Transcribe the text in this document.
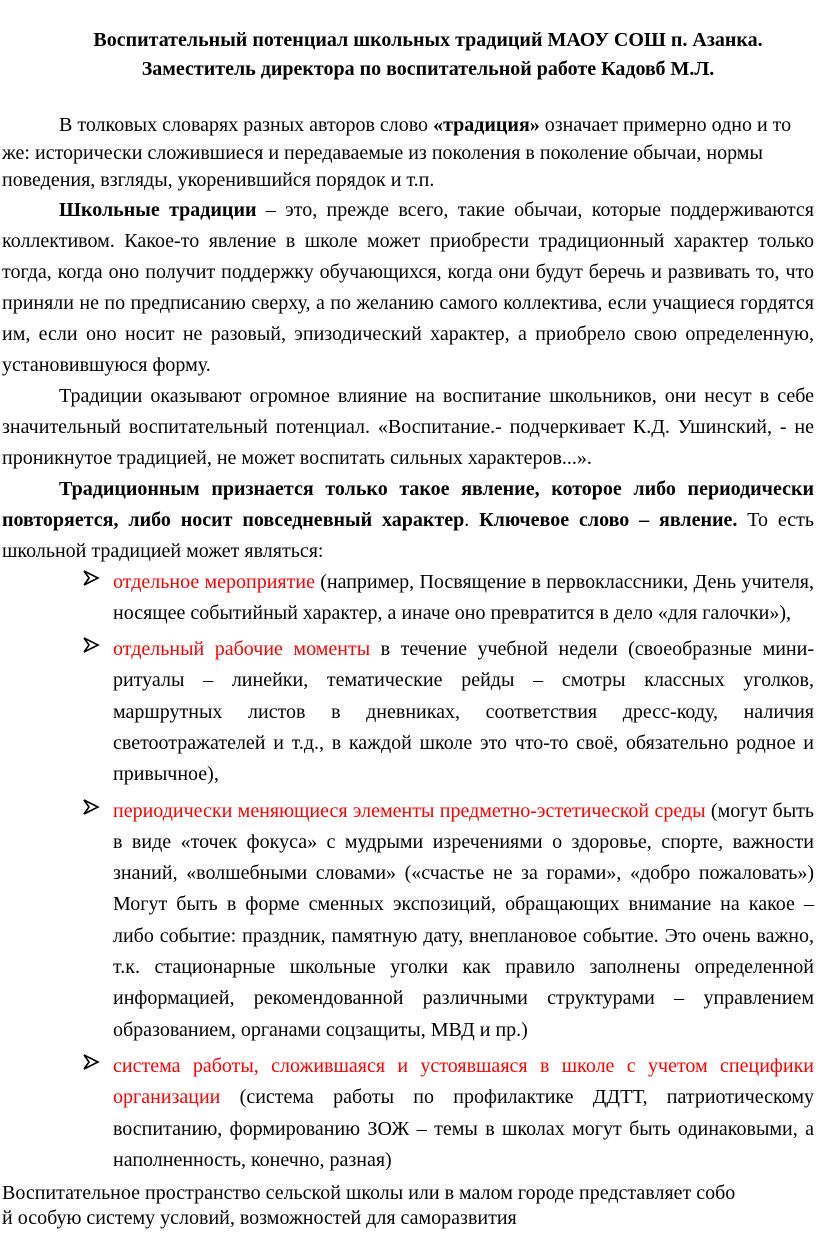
Воспитательный потенциал школьных традиций МАОУ СОШ п. Азанка.
Заместитель директора по воспитательной работе Кадовб М.Л.

В толковых словарях разных авторов слово «традиция» означает примерно одно и то же: исторически сложившиеся и передаваемые из поколения в поколение обычаи, нормы поведения, взгляды, укоренившийся порядок и т.п.

Школьные традиции – это, прежде всего, такие обычаи, которые поддерживаются коллективом. Какое-то явление в школе может приобрести традиционный характер только тогда, когда оно получит поддержку обучающихся, когда они будут беречь и развивать то, что приняли не по предписанию сверху, а по желанию самого коллектива, если учащиеся гордятся им, если оно носит не разовый, эпизодический характер, а приобрело свою определенную, установившуюся форму.

Традиции оказывают огромное влияние на воспитание школьников, они несут в себе значительный воспитательный потенциал. «Воспитание.- подчеркивает К.Д. Ушинский, - не проникнутое традицией, не может воспитать сильных характеров...».

Традиционным признается только такое явление, которое либо периодически повторяется, либо носит повседневный характер. Ключевое слово – явление. То есть школьной традицией может являться:

отдельное мероприятие (например, Посвящение в первоклассники, День учителя, носящее событийный характер, а иначе оно превратится в дело «для галочки»),
отдельный рабочие моменты в течение учебной недели (своеобразные мини-ритуалы – линейки, тематические рейды – смотры классных уголков, маршрутных листов в дневниках, соответствия дресс-коду, наличия светоотражателей и т.д., в каждой школе это что-то своё, обязательно родное и привычное),
периодически меняющиеся элементы предметно-эстетической среды (могут быть в виде «точек фокуса» с мудрыми изречениями о здоровье, спорте, важности знаний, «волшебными словами» («счастье не за горами», «добро пожаловать») Могут быть в форме сменных экспозиций, обращающих внимание на какое – либо событие: праздник, памятную дату, внеплановое событие. Это очень важно, т.к. стационарные школьные уголки как правило заполнены определенной информацией, рекомендованной различными структурами – управлением образованием, органами соцзащиты, МВД и пр.)
система работы, сложившаяся и устоявшаяся в школе с учетом специфики организации (система работы по профилактике ДДТТ, патриотическому воспитанию, формированию ЗОЖ – темы в школах могут быть одинаковыми, а наполненность, конечно, разная)

Воспитательное пространство сельской школы или в малом городе представляет собо
й особую систему условий, возможностей для саморазвития
